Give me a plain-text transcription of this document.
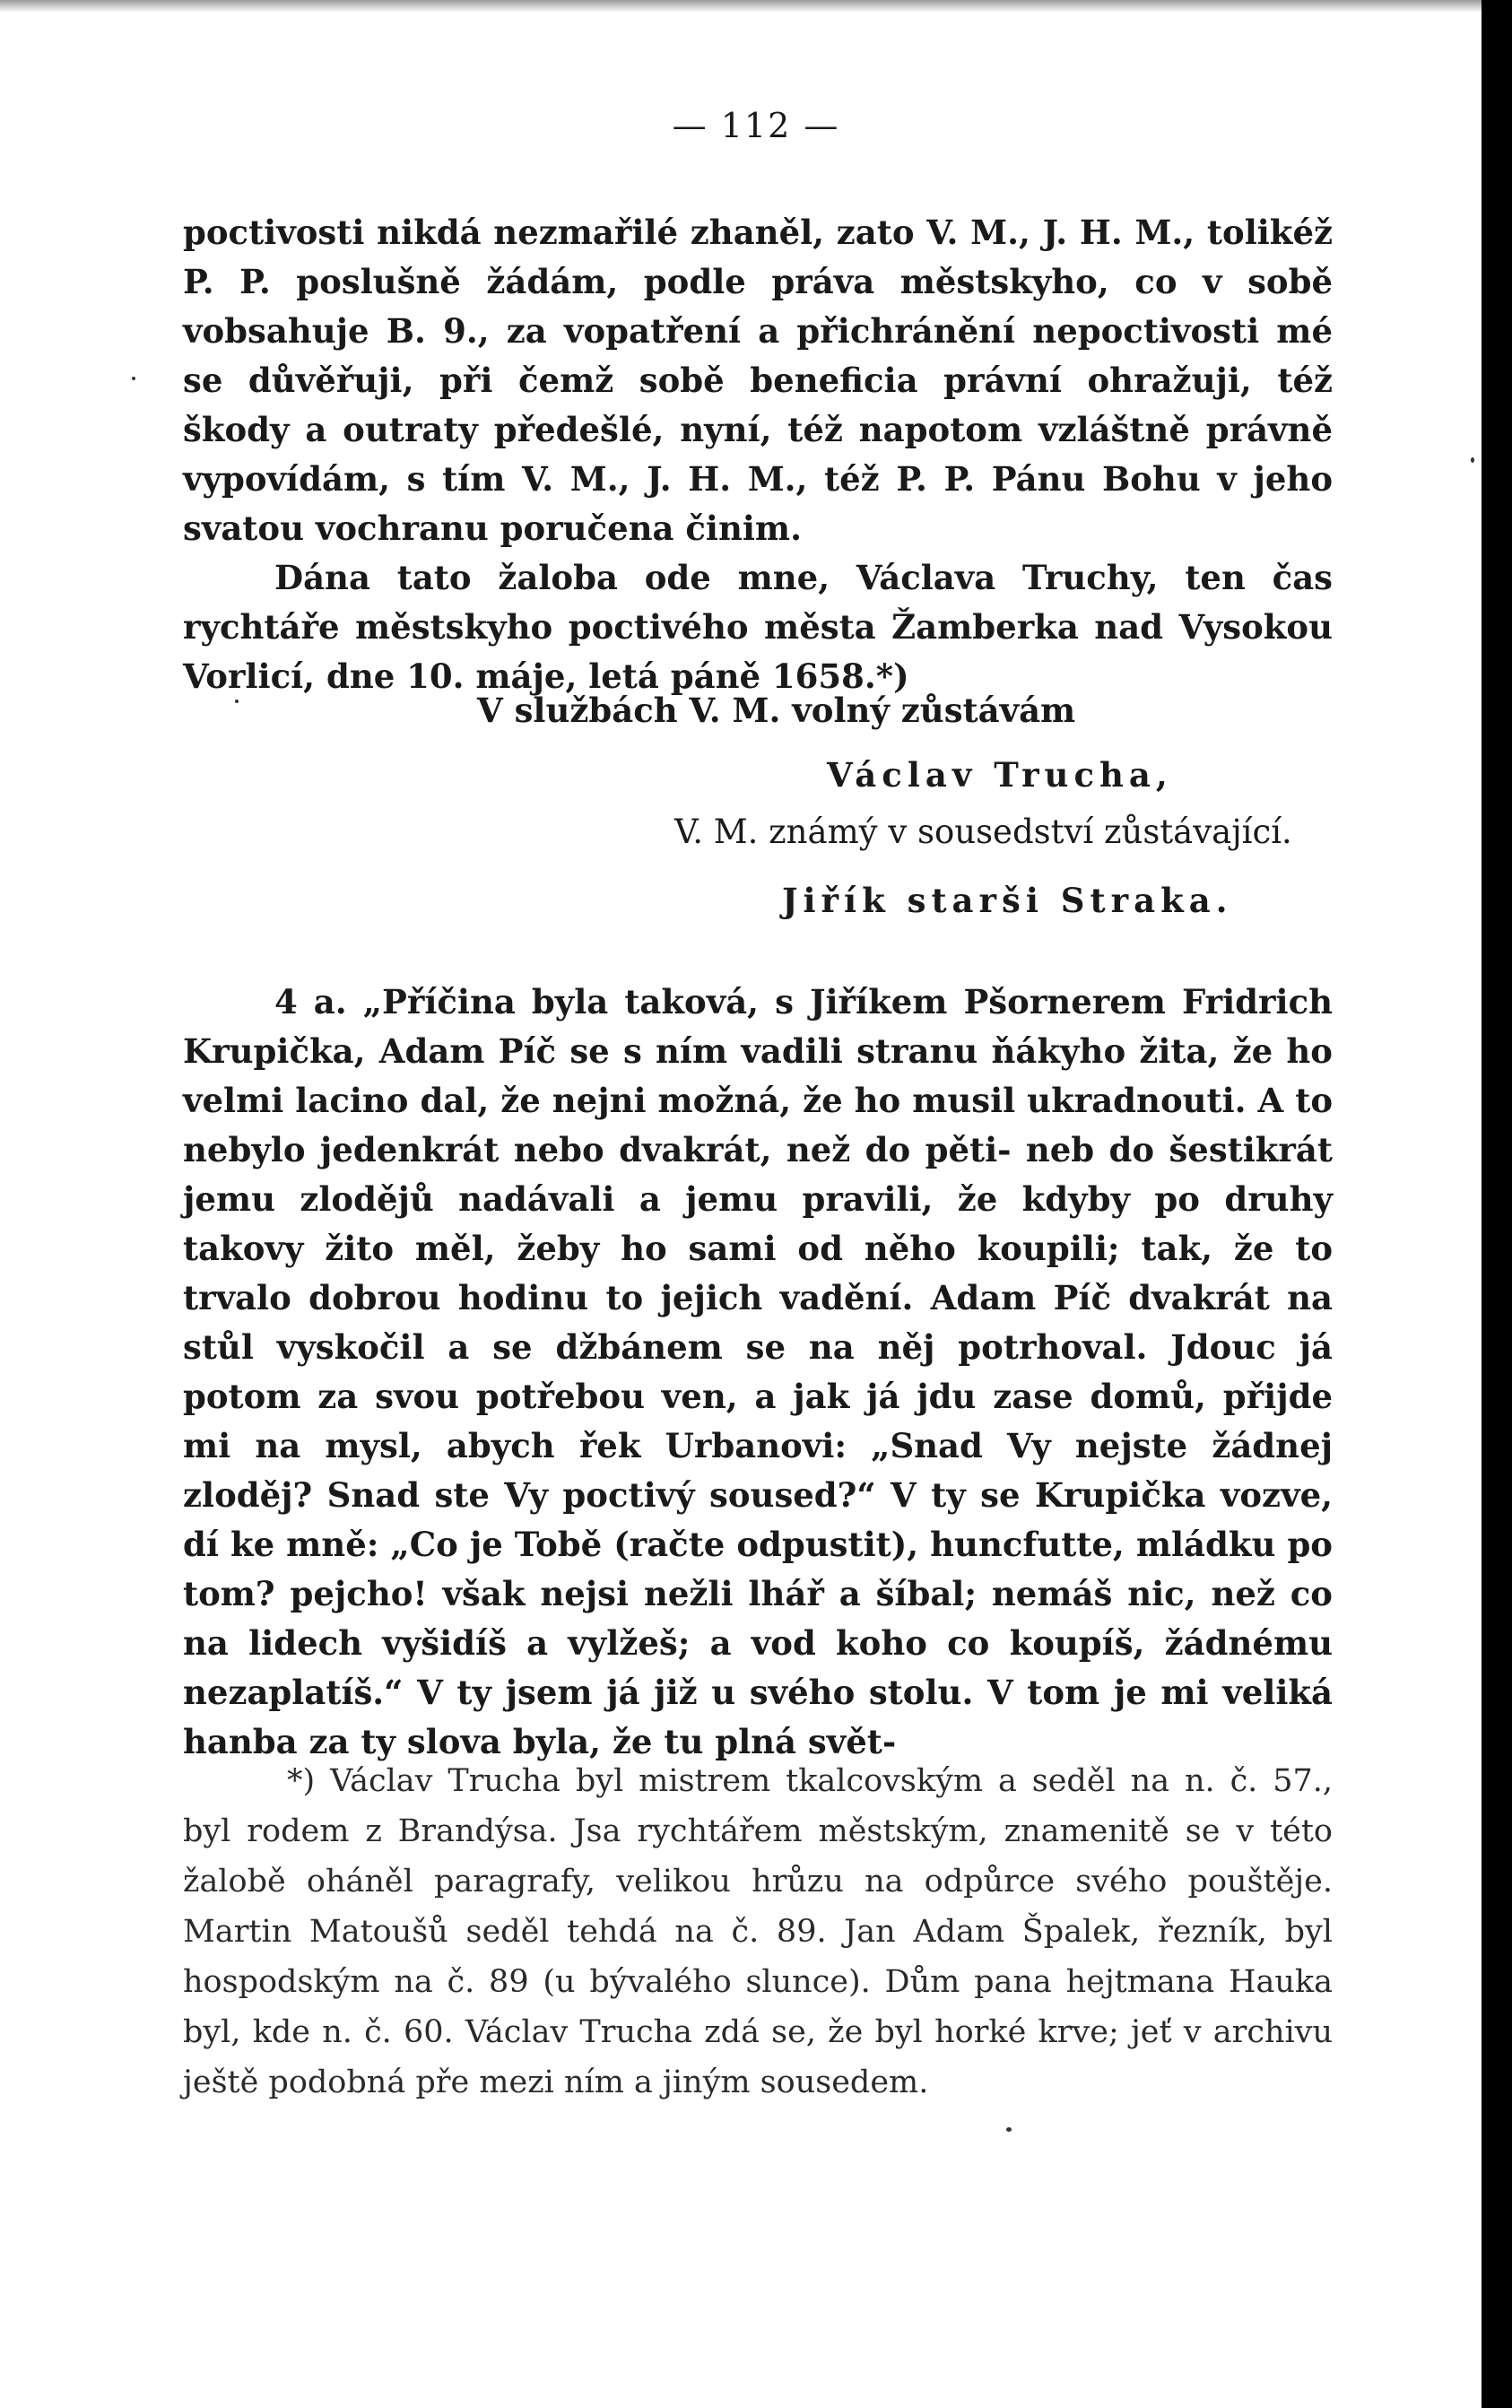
— 112 —

poctivosti nikdá nezmařilé zhaněl, zato V. M., J. H. M., tolikéž P. P. poslušně žádám, podle práva městskyho, co v sobě vobsahuje B. 9., za vopatření a přichránění nepoctivosti mé se důvěřuji, při čemž sobě beneficia právní ohražuji, též škody a outraty předešlé, nyní, též napotom vzláštně právně vypovídám, s tím V. M., J. H. M., též P. P. Pánu Bohu v jeho svatou vochranu poručena činim.

Dána tato žaloba ode mne, Václava Truchy, ten čas rychtáře městskyho poctivého města Žamberka nad Vysokou Vorlicí, dne 10. máje, letá páně 1658.*)

V službách V. M. volný zůstávám
Václav Trucha,
V. M. známý v sousedství zůstávající.
Jiřík starši Straka.

4 a. „Příčina byla taková, s Jiříkem Pšornerem Fridrich Krupička, Adam Píč se s ním vadili stranu ňákyho žita, že ho velmi lacino dal, že nejni možná, že ho musil ukradnouti. A to nebylo jedenkrát nebo dvakrát, než do pěti- neb do šestikrát jemu zlodějů nadávali a jemu pravili, že kdyby po druhy takovy žito měl, žeby ho sami od něho koupili; tak, že to trvalo dobrou hodinu to jejich vadění. Adam Píč dvakrát na stůl vyskočil a se džbánem se na něj potrhoval. Jdouc já potom za svou potřebou ven, a jak já jdu zase domů, přijde mi na mysl, abych řek Urbanovi: „Snad Vy nejste žádnej zloděj? Snad ste Vy poctivý soused?“ V ty se Krupička vozve, dí ke mně: „Co je Tobě (račte odpustit), huncfutte, mládku po tom? pejcho! však nejsi nežli lhář a šíbal; nemáš nic, než co na lidech vyšidíš a vylžeš; a vod koho co koupíš, žádnému nezaplatíš.“ V ty jsem já již u svého stolu. V tom je mi veliká hanba za ty slova byla, že tu plná svět-

*) Václav Trucha byl mistrem tkalcovským a seděl na n. č. 57., byl rodem z Brandýsa. Jsa rychtářem městským, znamenitě se v této žalobě oháněl paragrafy, velikou hrůzu na odpůrce svého pouštěje. Martin Matoušů seděl tehdá na č. 89. Jan Adam Špalek, řezník, byl hospodským na č. 89 (u bývalého slunce). Dům pana hejtmana Hauka byl, kde n. č. 60. Václav Trucha zdá se, že byl horké krve; jeť v archivu ještě podobná pře mezi ním a jiným sousedem.
